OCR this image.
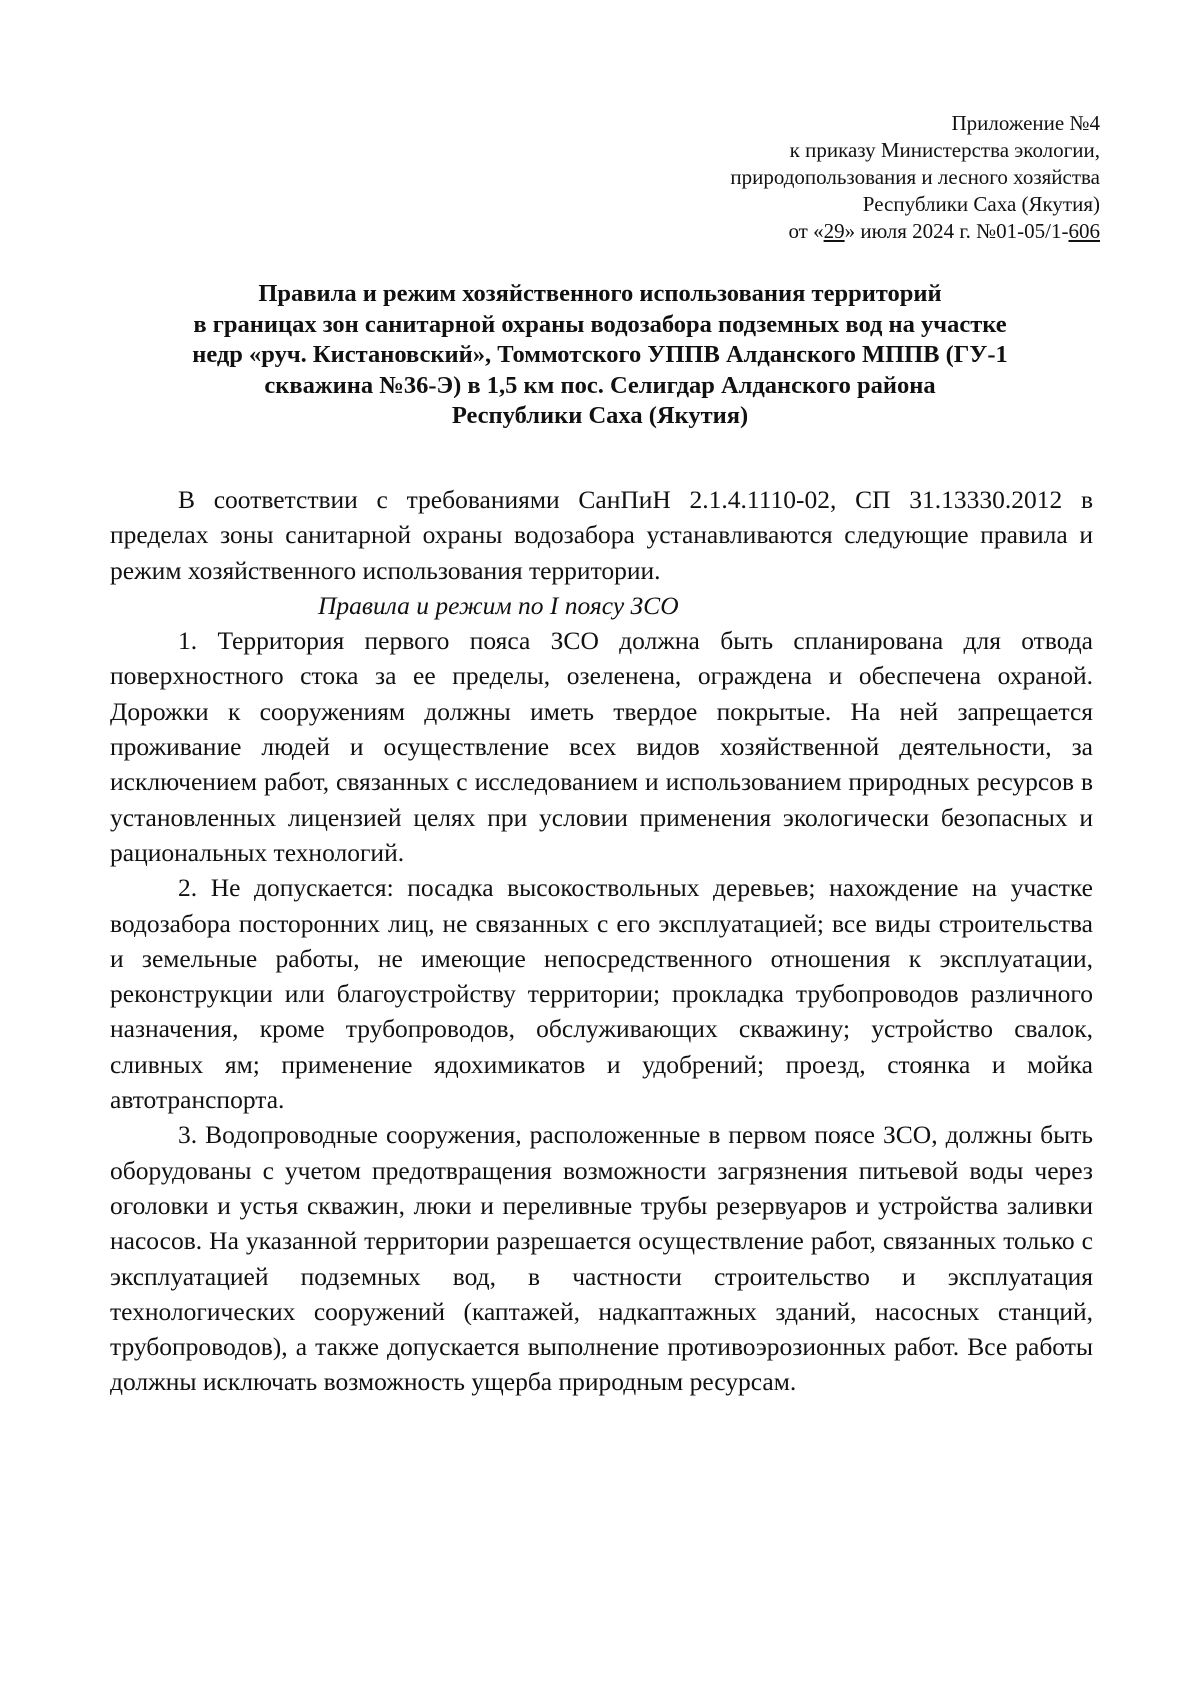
Приложение №4
к приказу Министерства экологии,
природопользования и лесного хозяйства
Республики Саха (Якутия)
от «29» июля 2024 г. №01-05/1-606
Правила и режим хозяйственного использования территорий
в границах зон санитарной охраны водозабора подземных вод на участке
недр «руч. Кистановский», Томмотского УППВ Алданского МППВ (ГУ-1
скважина №36-Э) в 1,5 км пос. Селигдар Алданского района
Республики Саха (Якутия)

В соответствии с требованиями СанПиН 2.1.4.1110-02, СП 31.13330.2012 в пределах зоны санитарной охраны водозабора устанавливаются следующие правила и режим хозяйственного использования территории.

Правила и режим по I поясу ЗСО

1. Территория первого пояса ЗСО должна быть спланирована для отвода поверхностного стока за ее пределы, озеленена, ограждена и обеспечена охраной. Дорожки к сооружениям должны иметь твердое покрытые. На ней запрещается проживание людей и осуществление всех видов хозяйственной деятельности, за исключением работ, связанных с исследованием и использованием природных ресурсов в установленных лицензией целях при условии применения экологически безопасных и рациональных технологий.

2. Не допускается: посадка высокоствольных деревьев; нахождение на участке водозабора посторонних лиц, не связанных с его эксплуатацией; все виды строительства и земельные работы, не имеющие непосредственного отношения к эксплуатации, реконструкции или благоустройству территории; прокладка трубопроводов различного назначения, кроме трубопроводов, обслуживающих скважину; устройство свалок, сливных ям; применение ядохимикатов и удобрений; проезд, стоянка и мойка автотранспорта.

3. Водопроводные сооружения, расположенные в первом поясе ЗСО, должны быть оборудованы с учетом предотвращения возможности загрязнения питьевой воды через оголовки и устья скважин, люки и переливные трубы резервуаров и устройства заливки насосов. На указанной территории разрешается осуществление работ, связанных только с эксплуатацией подземных вод, в частности строительство и эксплуатация технологических сооружений (каптажей, надкаптажных зданий, насосных станций, трубопроводов), а также допускается выполнение противоэрозионных работ. Все работы должны исключать возможность ущерба природным ресурсам.
